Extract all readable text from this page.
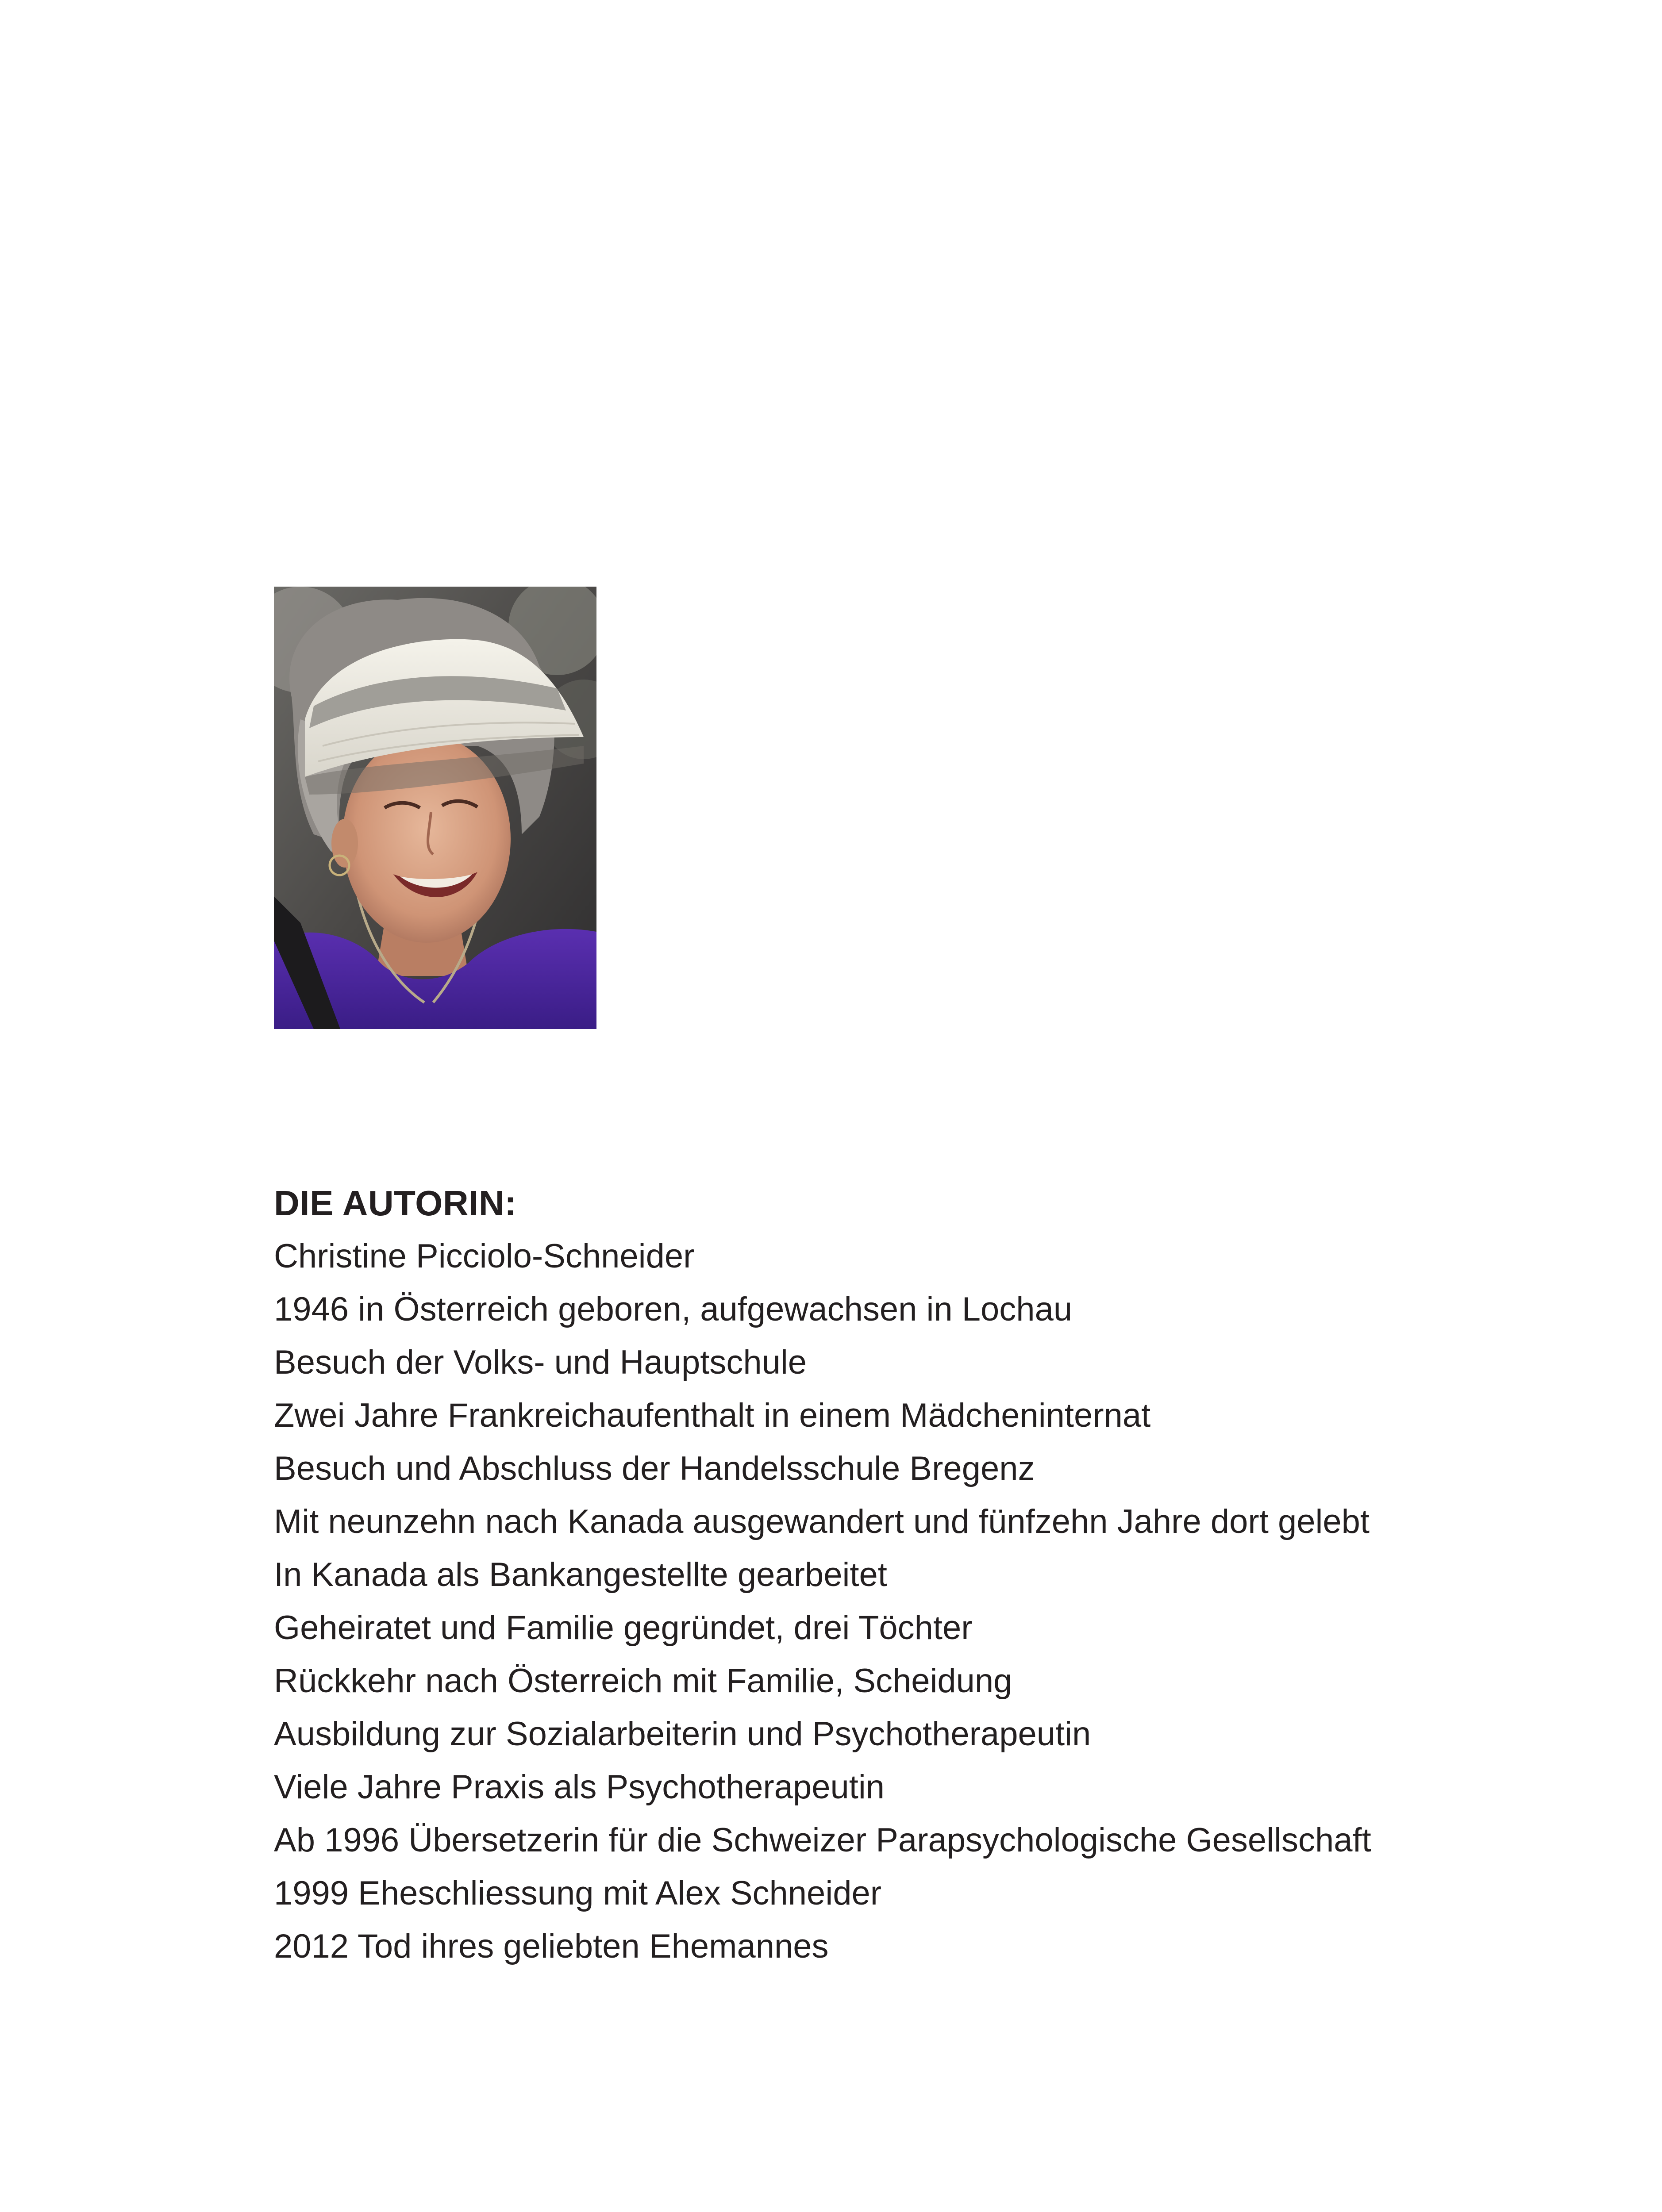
DIE AUTORIN:
Christine Picciolo-Schneider
1946 in Österreich geboren, aufgewachsen in Lochau
Besuch der Volks- und Hauptschule
Zwei Jahre Frankreichaufenthalt in einem Mädcheninternat
Besuch und Abschluss der Handelsschule Bregenz
Mit neunzehn nach Kanada ausgewandert und fünfzehn Jahre dort gelebt
In Kanada als Bankangestellte gearbeitet
Geheiratet und Familie gegründet, drei Töchter
Rückkehr nach Österreich mit Familie, Scheidung
Ausbildung zur Sozialarbeiterin und Psychotherapeutin
Viele Jahre Praxis als Psychotherapeutin
Ab 1996 Übersetzerin für die Schweizer Parapsychologische Gesellschaft
1999 Eheschliessung mit Alex Schneider
2012 Tod ihres geliebten Ehemannes
